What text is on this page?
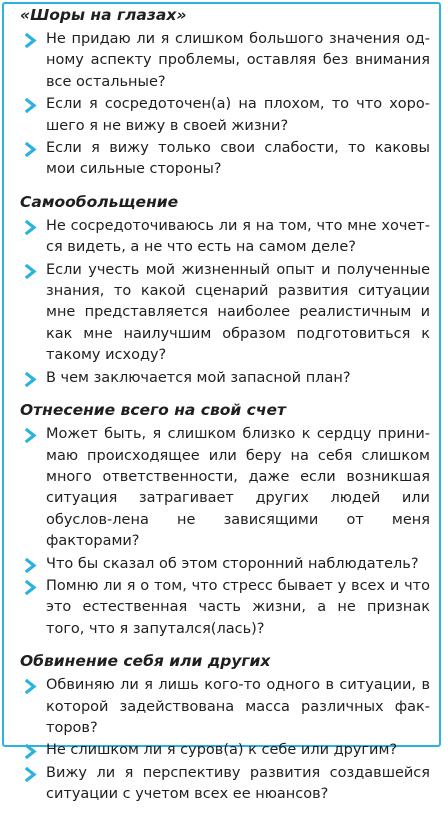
«Шоры на глазах»
Не придаю ли я слишком большого значения од-ному аспекту проблемы, оставляя без внимания все остальные?
Если я сосредоточен(а) на плохом, то что хоро-шего я не вижу в своей жизни?
Если я вижу только свои слабости, то каковы мои сильные стороны?
Самообольщение
Не сосредоточиваюсь ли я на том, что мне хочет-ся видеть, а не что есть на самом деле?
Если учесть мой жизненный опыт и полученные знания, то какой сценарий развития ситуации мне представляется наиболее реалистичным и как мне наилучшим образом подготовиться к такому исходу?
В чем заключается мой запасной план?
Отнесение всего на свой счет
Может быть, я слишком близко к сердцу прини-маю происходящее или беру на себя слишком много ответственности, даже если возникшая ситуация затрагивает других людей или обуслов-лена не зависящими от меня факторами?
Что бы сказал об этом сторонний наблюдатель?
Помню ли я о том, что стресс бывает у всех и что это естественная часть жизни, а не признак того, что я запутался(лась)?
Обвинение себя или других
Обвиняю ли я лишь кого-то одного в ситуации, в которой задействована масса различных фак-торов?
Не слишком ли я суров(а) к себе или другим?
Вижу ли я перспективу развития создавшейся ситуации с учетом всех ее нюансов?
